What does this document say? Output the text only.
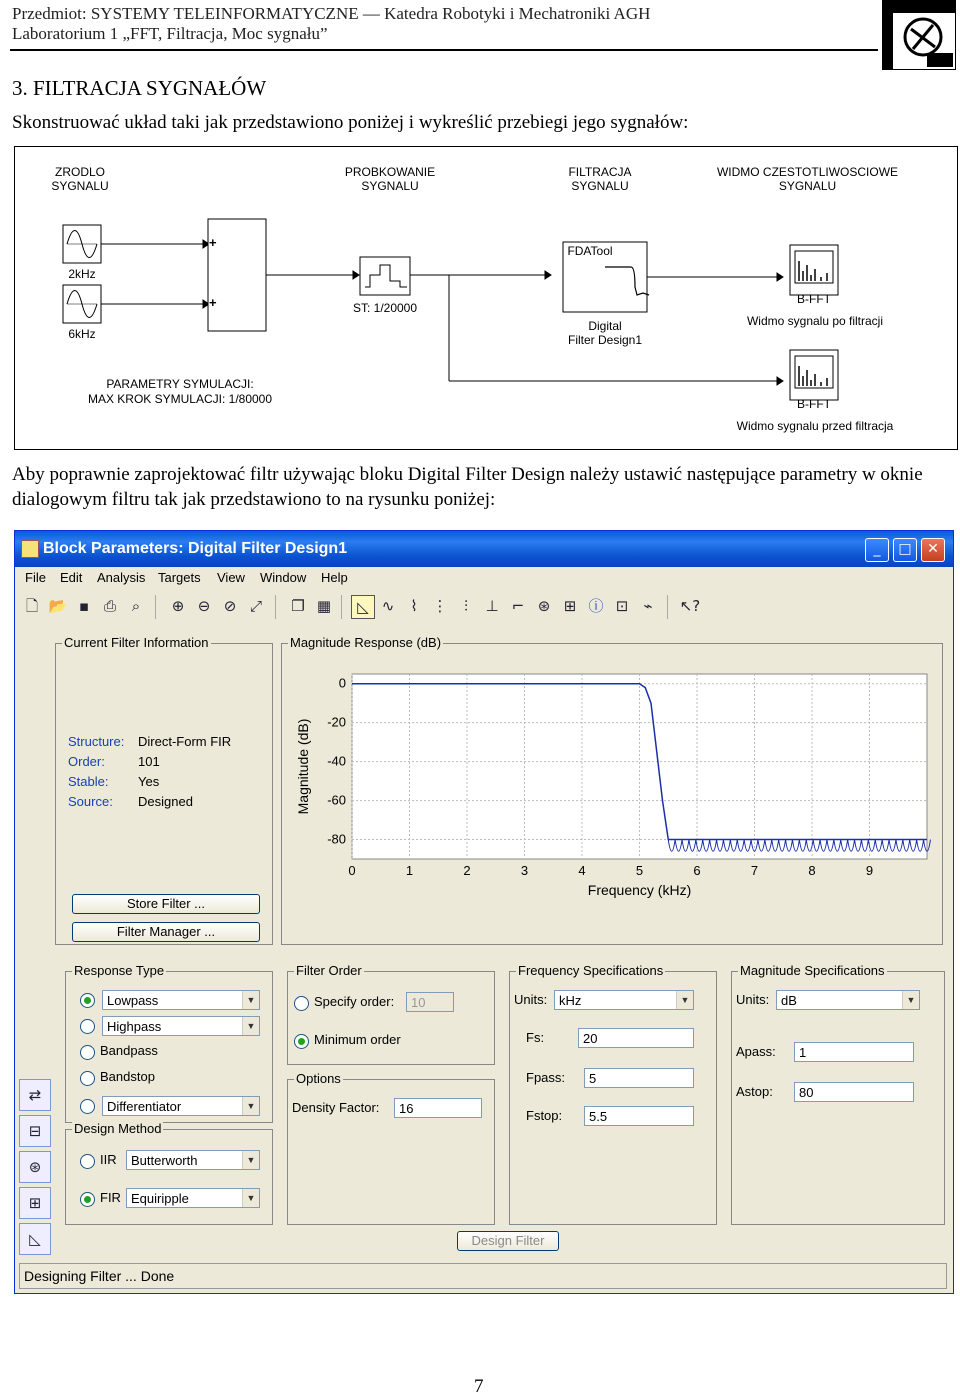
Przedmiot: SYSTEMY TELEINFORMATYCZNE — Katedra Robotyki i Mechatroniki AGH
Laboratorium 1 „FFT, Filtracja, Moc sygnału”
3. FILTRACJA SYGNAŁÓW
Skonstruować układ taki jak przedstawiono poniżej i wykreślić przebiegi jego sygnałów:
ZRODLO
SYGNALU
PROBKOWANIE
SYGNALU
FILTRACJA
SYGNALU
WIDMO CZESTOTLIWOSCIOWE
SYGNALU
2kHz
6kHz
+
+	ST: 1/20000
FDATool
Digital
Filter Design1
B-FFT
Widmo sygnalu po filtracji
B-FFT
Widmo sygnalu przed filtracja
PARAMETRY SYMULACJI:
MAX KROK SYMULACJI: 1/80000
Aby poprawnie zaprojektować filtr używając bloku Digital Filter Design należy ustawić następujące parametry w oknie dialogowym filtru tak jak przedstawiono to na rysunku poniżej:
Block Parameters: Digital Filter Design1	_	□	✕
File Edit Analysis Targets View Window Help
🗋 📂 ▪ ⎙	⌕	⊕ ⊖ ⊘ ⤢	❐ ▦	◺ ∿	⌇ ⋮	⫶	⊥ ⌐ ⊛ ⊞ ⓘ ⊡	⌁	↖?
Current Filter Information
Structure: Direct-Form FIR
Order:	101
Stable: Yes
Source: Designed
Store Filter ...
Filter Manager ...
Magnitude Response (dB)
0	1	2	3	4	5	6	7	8	9
0
-20
-40
-60
-80
Frequency (kHz)
Magnitude (dB)
⇄
⊟
⊛
⊞
◺
Response Type
Lowpass	▼
Highpass	▼
Bandpass
Bandstop
Differentiator	▼
Design Method
IIR	Butterworth	▼
FIR Equiripple	▼
Filter Order
Specify order:	10
Minimum order
Options
Density Factor:	16
Frequency Specifications
Units: kHz	▼
Fs:	20
Fpass:	5
Fstop:	5.5
Magnitude Specifications
Units: dB	▼
Apass:	1
Astop:	80
Design Filter
Designing Filter ... Done
7
